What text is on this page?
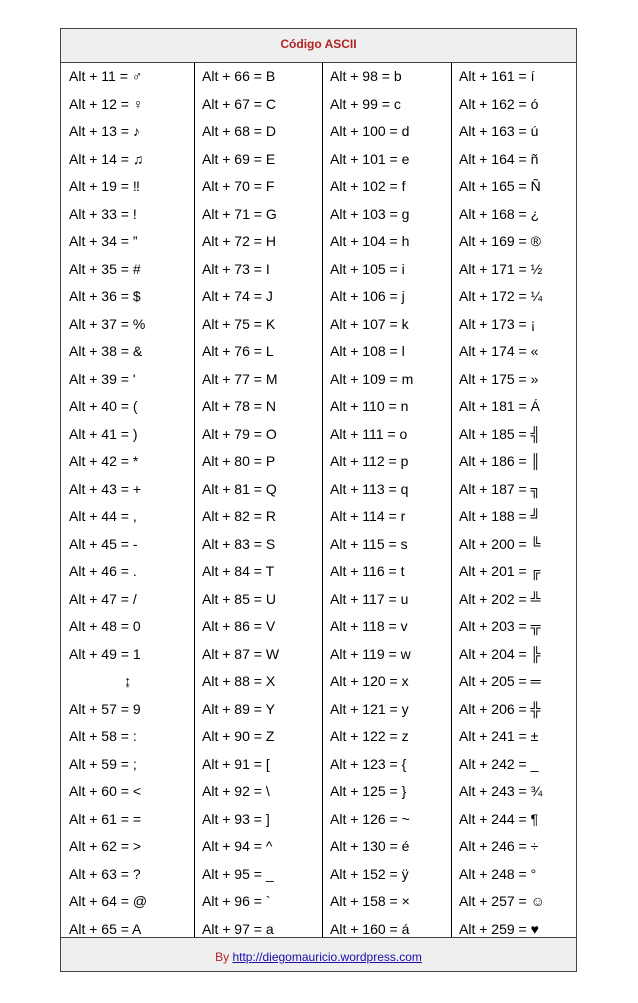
Código ASCII
Alt + 11 = ♂
Alt + 12 = ♀
Alt + 13 = ♪
Alt + 14 = ♫
Alt + 19 = ‼
Alt + 33 = !
Alt + 34 = ”
Alt + 35 = #
Alt + 36 = $
Alt + 37 = %
Alt + 38 = &
Alt + 39 = '
Alt + 40 = (
Alt + 41 = )
Alt + 42 = *
Alt + 43 = +
Alt + 44 = ,
Alt + 45 = -
Alt + 46 = .
Alt + 47 = /
Alt + 48 = 0
Alt + 49 = 1
↨
Alt + 57 = 9
Alt + 58 = :
Alt + 59 = ;
Alt + 60 = <
Alt + 61 = =
Alt + 62 = >
Alt + 63 = ?
Alt + 64 = @
Alt + 65 = A
Alt + 66 = B
Alt + 67 = C
Alt + 68 = D
Alt + 69 = E
Alt + 70 = F
Alt + 71 = G
Alt + 72 = H
Alt + 73 = I
Alt + 74 = J
Alt + 75 = K
Alt + 76 = L
Alt + 77 = M
Alt + 78 = N
Alt + 79 = O
Alt + 80 = P
Alt + 81 = Q
Alt + 82 = R
Alt + 83 = S
Alt + 84 = T
Alt + 85 = U
Alt + 86 = V
Alt + 87 = W
Alt + 88 = X
Alt + 89 = Y
Alt + 90 = Z
Alt + 91 = [
Alt + 92 = \
Alt + 93 = ]
Alt + 94 = ^
Alt + 95 = _
Alt + 96 = `
Alt + 97 = a
Alt + 98 = b
Alt + 99 = c
Alt + 100 = d
Alt + 101 = e
Alt + 102 = f
Alt + 103 = g
Alt + 104 = h
Alt + 105 = i
Alt + 106 = j
Alt + 107 = k
Alt + 108 = l
Alt + 109 = m
Alt + 110 = n
Alt + 111 = o
Alt + 112 = p
Alt + 113 = q
Alt + 114 = r
Alt + 115 = s
Alt + 116 = t
Alt + 117 = u
Alt + 118 = v
Alt + 119 = w
Alt + 120 = x
Alt + 121 = y
Alt + 122 = z
Alt + 123 = {
Alt + 125 = }
Alt + 126 = ~
Alt + 130 = é
Alt + 152 = ÿ
Alt + 158 = ×
Alt + 160 = á
Alt + 161 = í
Alt + 162 = ó
Alt + 163 = ú
Alt + 164 = ñ
Alt + 165 = Ñ
Alt + 168 = ¿
Alt + 169 = ®
Alt + 171 = ½
Alt + 172 = ¼
Alt + 173 = ¡
Alt + 174 = «
Alt + 175 = »
Alt + 181 = Á
Alt + 185 = ╣
Alt + 186 = ║
Alt + 187 = ╗
Alt + 188 = ╝
Alt + 200 = ╚
Alt + 201 = ╔
Alt + 202 = ╩
Alt + 203 = ╦
Alt + 204 = ╠
Alt + 205 = ═
Alt + 206 = ╬
Alt + 241 = ±
Alt + 242 = _
Alt + 243 = ¾
Alt + 244 = ¶
Alt + 246 = ÷
Alt + 248 = °
Alt + 257 = ☺
Alt + 259 = ♥
By http://diegomauricio.wordpress.com
